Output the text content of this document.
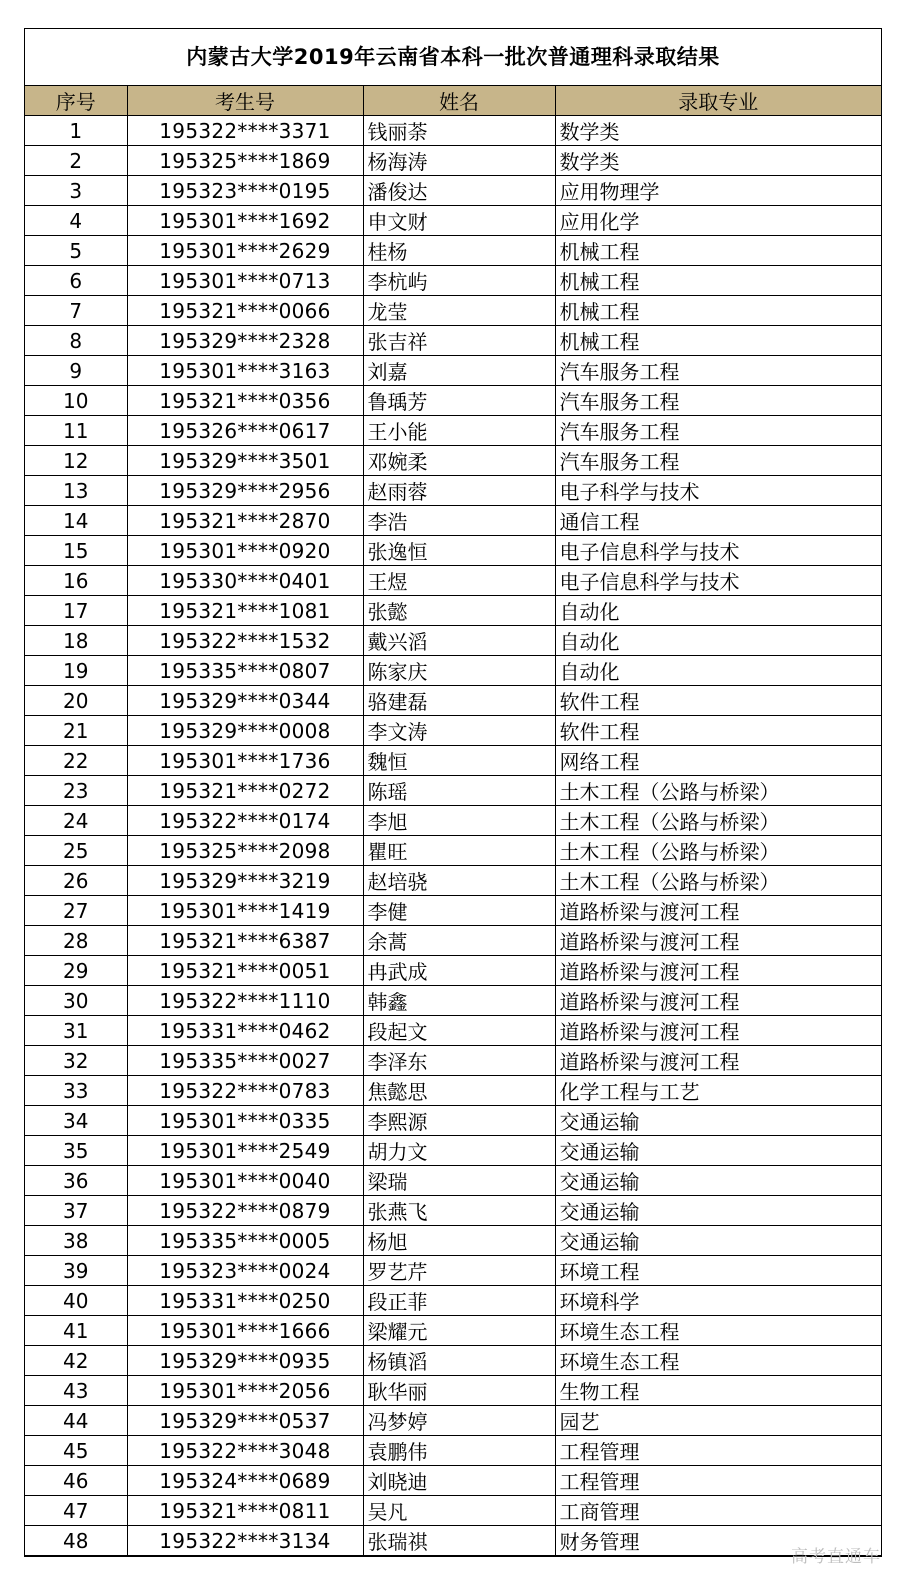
内蒙古大学2019年云南省本科一批次普通理科录取结果
序号	考生号	姓名	录取专业
1	195322****3371	钱丽荼	数学类
2	195325****1869	杨海涛	数学类
3	195323****0195	潘俊达	应用物理学
4	195301****1692	申文财	应用化学
5	195301****2629	桂杨	机械工程
6	195301****0713	李杭屿	机械工程
7	195321****0066	龙莹	机械工程
8	195329****2328	张吉祥	机械工程
9	195301****3163	刘嘉	汽车服务工程
10	195321****0356	鲁瑀芳	汽车服务工程
11	195326****0617	王小能	汽车服务工程
12	195329****3501	邓婉柔	汽车服务工程
13	195329****2956	赵雨蓉	电子科学与技术
14	195321****2870	李浩	通信工程
15	195301****0920	张逸恒	电子信息科学与技术
16	195330****0401	王煜	电子信息科学与技术
17	195321****1081	张懿	自动化
18	195322****1532	戴兴滔	自动化
19	195335****0807	陈家庆	自动化
20	195329****0344	骆建磊	软件工程
21	195329****0008	李文涛	软件工程
22	195301****1736	魏恒	网络工程
23	195321****0272	陈瑶	土木工程（公路与桥梁）
24	195322****0174	李旭	土木工程（公路与桥梁）
25	195325****2098	瞿旺	土木工程（公路与桥梁）
26	195329****3219	赵培骁	土木工程（公路与桥梁）
27	195301****1419	李健	道路桥梁与渡河工程
28	195321****6387	余蒿	道路桥梁与渡河工程
29	195321****0051	冉武成	道路桥梁与渡河工程
30	195322****1110	韩鑫	道路桥梁与渡河工程
31	195331****0462	段起文	道路桥梁与渡河工程
32	195335****0027	李泽东	道路桥梁与渡河工程
33	195322****0783	焦懿思	化学工程与工艺
34	195301****0335	李熙源	交通运输
35	195301****2549	胡力文	交通运输
36	195301****0040	梁瑞	交通运输
37	195322****0879	张燕飞	交通运输
38	195335****0005	杨旭	交通运输
39	195323****0024	罗艺芹	环境工程
40	195331****0250	段正菲	环境科学
41	195301****1666	梁耀元	环境生态工程
42	195329****0935	杨镇滔	环境生态工程
43	195301****2056	耿华丽	生物工程
44	195329****0537	冯梦婷	园艺
45	195322****3048	袁鹏伟	工程管理
46	195324****0689	刘晓迪	工程管理
47	195321****0811	吴凡	工商管理
48	195322****3134	张瑞祺	财务管理
高考直通车
